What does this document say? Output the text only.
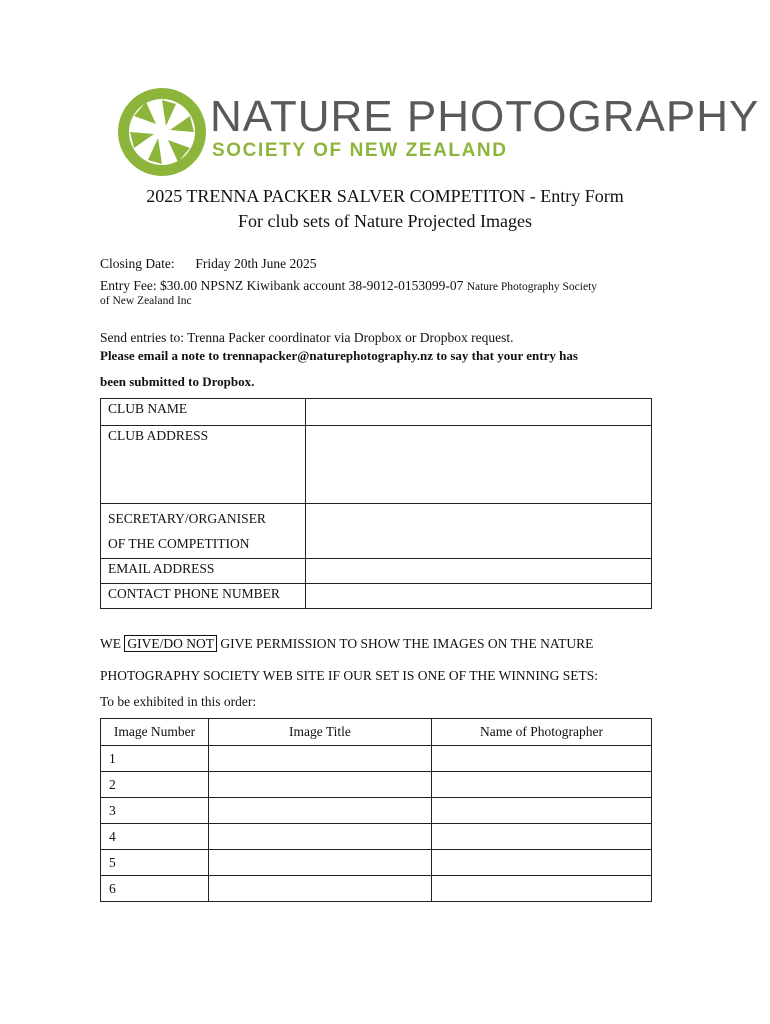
NATURE PHOTOGRAPHY
SOCIETY OF NEW ZEALAND
2025 TRENNA PACKER SALVER COMPETITON - Entry Form
For club sets of Nature Projected Images
Closing Date: Friday 20th June 2025
Entry Fee: $30.00 NPSNZ Kiwibank account 38-9012-0153099-07 Nature Photography Society
of New Zealand Inc
Send entries to: Trenna Packer coordinator via Dropbox or Dropbox request.
Please email a note to trennapacker@naturephotography.nz to say that your entry has
been submitted to Dropbox.
CLUB NAME	
CLUB ADDRESS	

SECRETARY/ORGANISER
OF THE COMPETITION	

EMAIL ADDRESS	
CONTACT PHONE NUMBER	
WE GIVE/DO NOT GIVE PERMISSION TO SHOW THE IMAGES ON THE NATURE
PHOTOGRAPHY SOCIETY WEB SITE IF OUR SET IS ONE OF THE WINNING SETS:
To be exhibited in this order:
Image Number	Image Title	Name of Photographer
1		
2		
3		
4		
5		
6		
